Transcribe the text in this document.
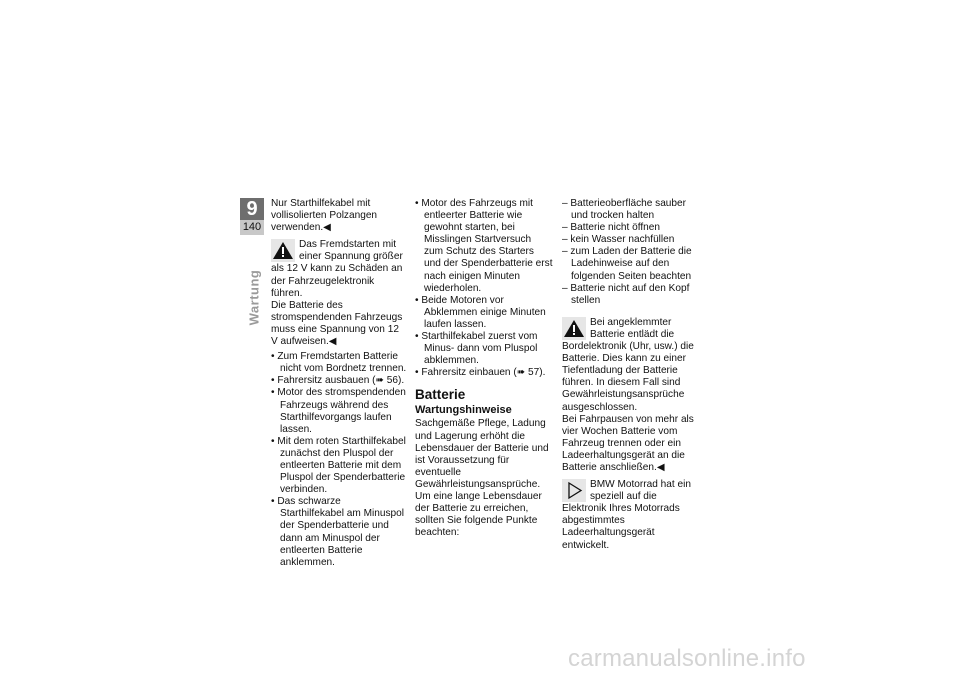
9
140
Wartung

Nur Starthilfekabel mit vollisolierten Polzangen verwenden.◀

Das Fremdstarten mit einer Spannung größer als 12 V kann zu Schäden an der Fahrzeugelektronik führen.

Die Batterie des stromspendenden Fahrzeugs muss eine Spannung von 12 V aufweisen.◀

• Zum Fremdstarten Batterie nicht vom Bordnetz trennen.

• Fahrersitz ausbauen (➠ 56).

• Motor des stromspendenden Fahrzeugs während des Starthilfevorgangs laufen lassen.

• Mit dem roten Starthilfekabel zunächst den Pluspol der entleerten Batterie mit dem Pluspol der Spenderbatterie verbinden.

• Das schwarze Starthilfekabel am Minuspol der Spenderbatterie und dann am Minuspol der entleerten Batterie anklemmen.

• Motor des Fahrzeugs mit entleerter Batterie wie gewohnt starten, bei Misslingen Startversuch zum Schutz des Starters und der Spenderbatterie erst nach einigen Minuten wiederholen.

• Beide Motoren vor Abklemmen einige Minuten laufen lassen.

• Starthilfekabel zuerst vom Minus- dann vom Pluspol abklemmen.

• Fahrersitz einbauen (➠ 57).

Batterie
Wartungshinweise

Sachgemäße Pflege, Ladung und Lagerung erhöht die Lebensdauer der Batterie und ist Voraussetzung für eventuelle Gewährleistungsansprüche.

Um eine lange Lebensdauer der Batterie zu erreichen, sollten Sie folgende Punkte beachten:

– Batterieoberfläche sauber und trocken halten

– Batterie nicht öffnen

– kein Wasser nachfüllen

– zum Laden der Batterie die Ladehinweise auf den folgenden Seiten beachten

– Batterie nicht auf den Kopf stellen

Bei angeklemmter Batterie entlädt die Bordelektronik (Uhr, usw.) die Batterie. Dies kann zu einer Tiefentladung der Batterie führen. In diesem Fall sind Gewährleistungsansprüche ausgeschlossen.

Bei Fahrpausen von mehr als vier Wochen Batterie vom Fahrzeug trennen oder ein Ladeerhaltungsgerät an die Batterie anschließen.◀

BMW Motorrad hat ein speziell auf die Elektronik Ihres Motorrads abgestimmtes Ladeerhaltungsgerät entwickelt.

carmanualsonline.info
